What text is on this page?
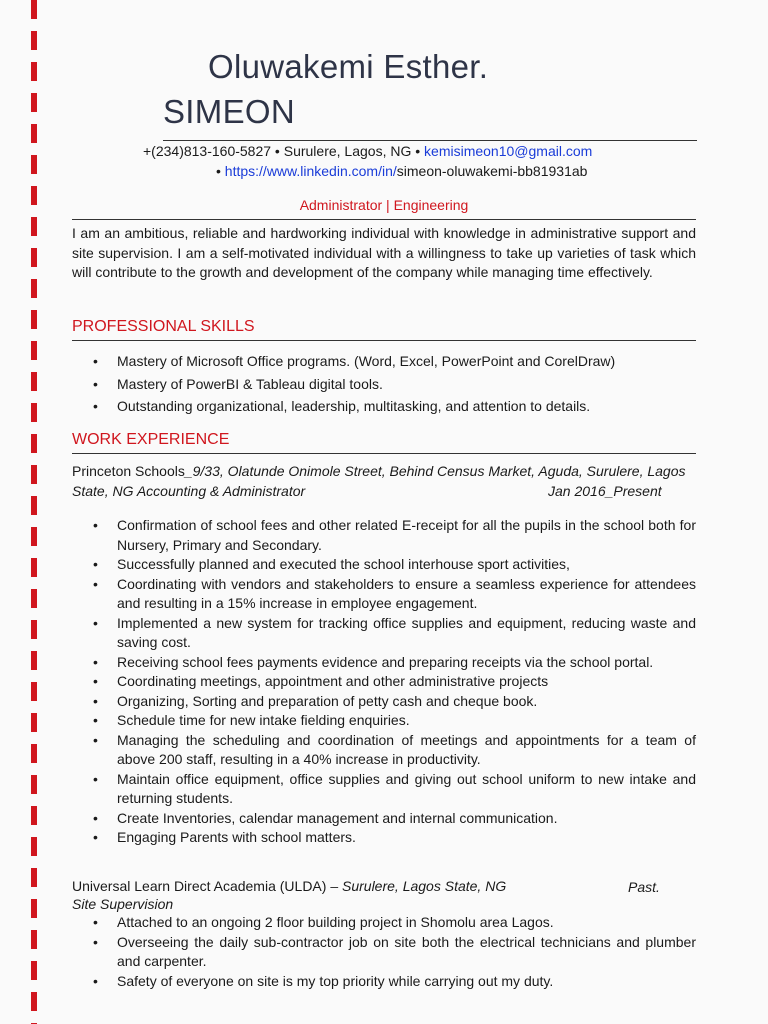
Oluwakemi Esther.
SIMEON
+(234)813-160-5827 • Surulere, Lagos, NG • kemisimeon10@gmail.com
• https://www.linkedin.com/in/simeon-oluwakemi-bb81931ab
Administrator | Engineering
I am an ambitious, reliable and hardworking individual with knowledge in administrative support and site supervision. I am a self-motivated individual with a willingness to take up varieties of task which will contribute to the growth and development of the company while managing time effectively.
PROFESSIONAL SKILLS
• Mastery of Microsoft Office programs. (Word, Excel, PowerPoint and CorelDraw)
• Mastery of PowerBI & Tableau digital tools.
• Outstanding organizational, leadership, multitasking, and attention to details.
WORK EXPERIENCE
Princeton Schools_9/33, Olatunde Onimole Street, Behind Census Market, Aguda, Surulere, Lagos
State, NG Accounting & Administrator	Jan 2016_Present
• Confirmation of school fees and other related E-receipt for all the pupils in the school both for Nursery, Primary and Secondary.
• Successfully planned and executed the school interhouse sport activities,
• Coordinating with vendors and stakeholders to ensure a seamless experience for attendees and resulting in a 15% increase in employee engagement.
• Implemented a new system for tracking office supplies and equipment, reducing waste and saving cost.
• Receiving school fees payments evidence and preparing receipts via the school portal.
• Coordinating meetings, appointment and other administrative projects
• Organizing, Sorting and preparation of petty cash and cheque book.
• Schedule time for new intake fielding enquiries.
• Managing the scheduling and coordination of meetings and appointments for a team of above 200 staff, resulting in a 40% increase in productivity.
• Maintain office equipment, office supplies and giving out school uniform to new intake and returning students.
• Create Inventories, calendar management and internal communication.
• Engaging Parents with school matters.
Universal Learn Direct Academia (ULDA) – Surulere, Lagos State, NG	Past.
Site Supervision
• Attached to an ongoing 2 floor building project in Shomolu area Lagos.
• Overseeing the daily sub-contractor job on site both the electrical technicians and plumber and carpenter.
• Safety of everyone on site is my top priority while carrying out my duty.
